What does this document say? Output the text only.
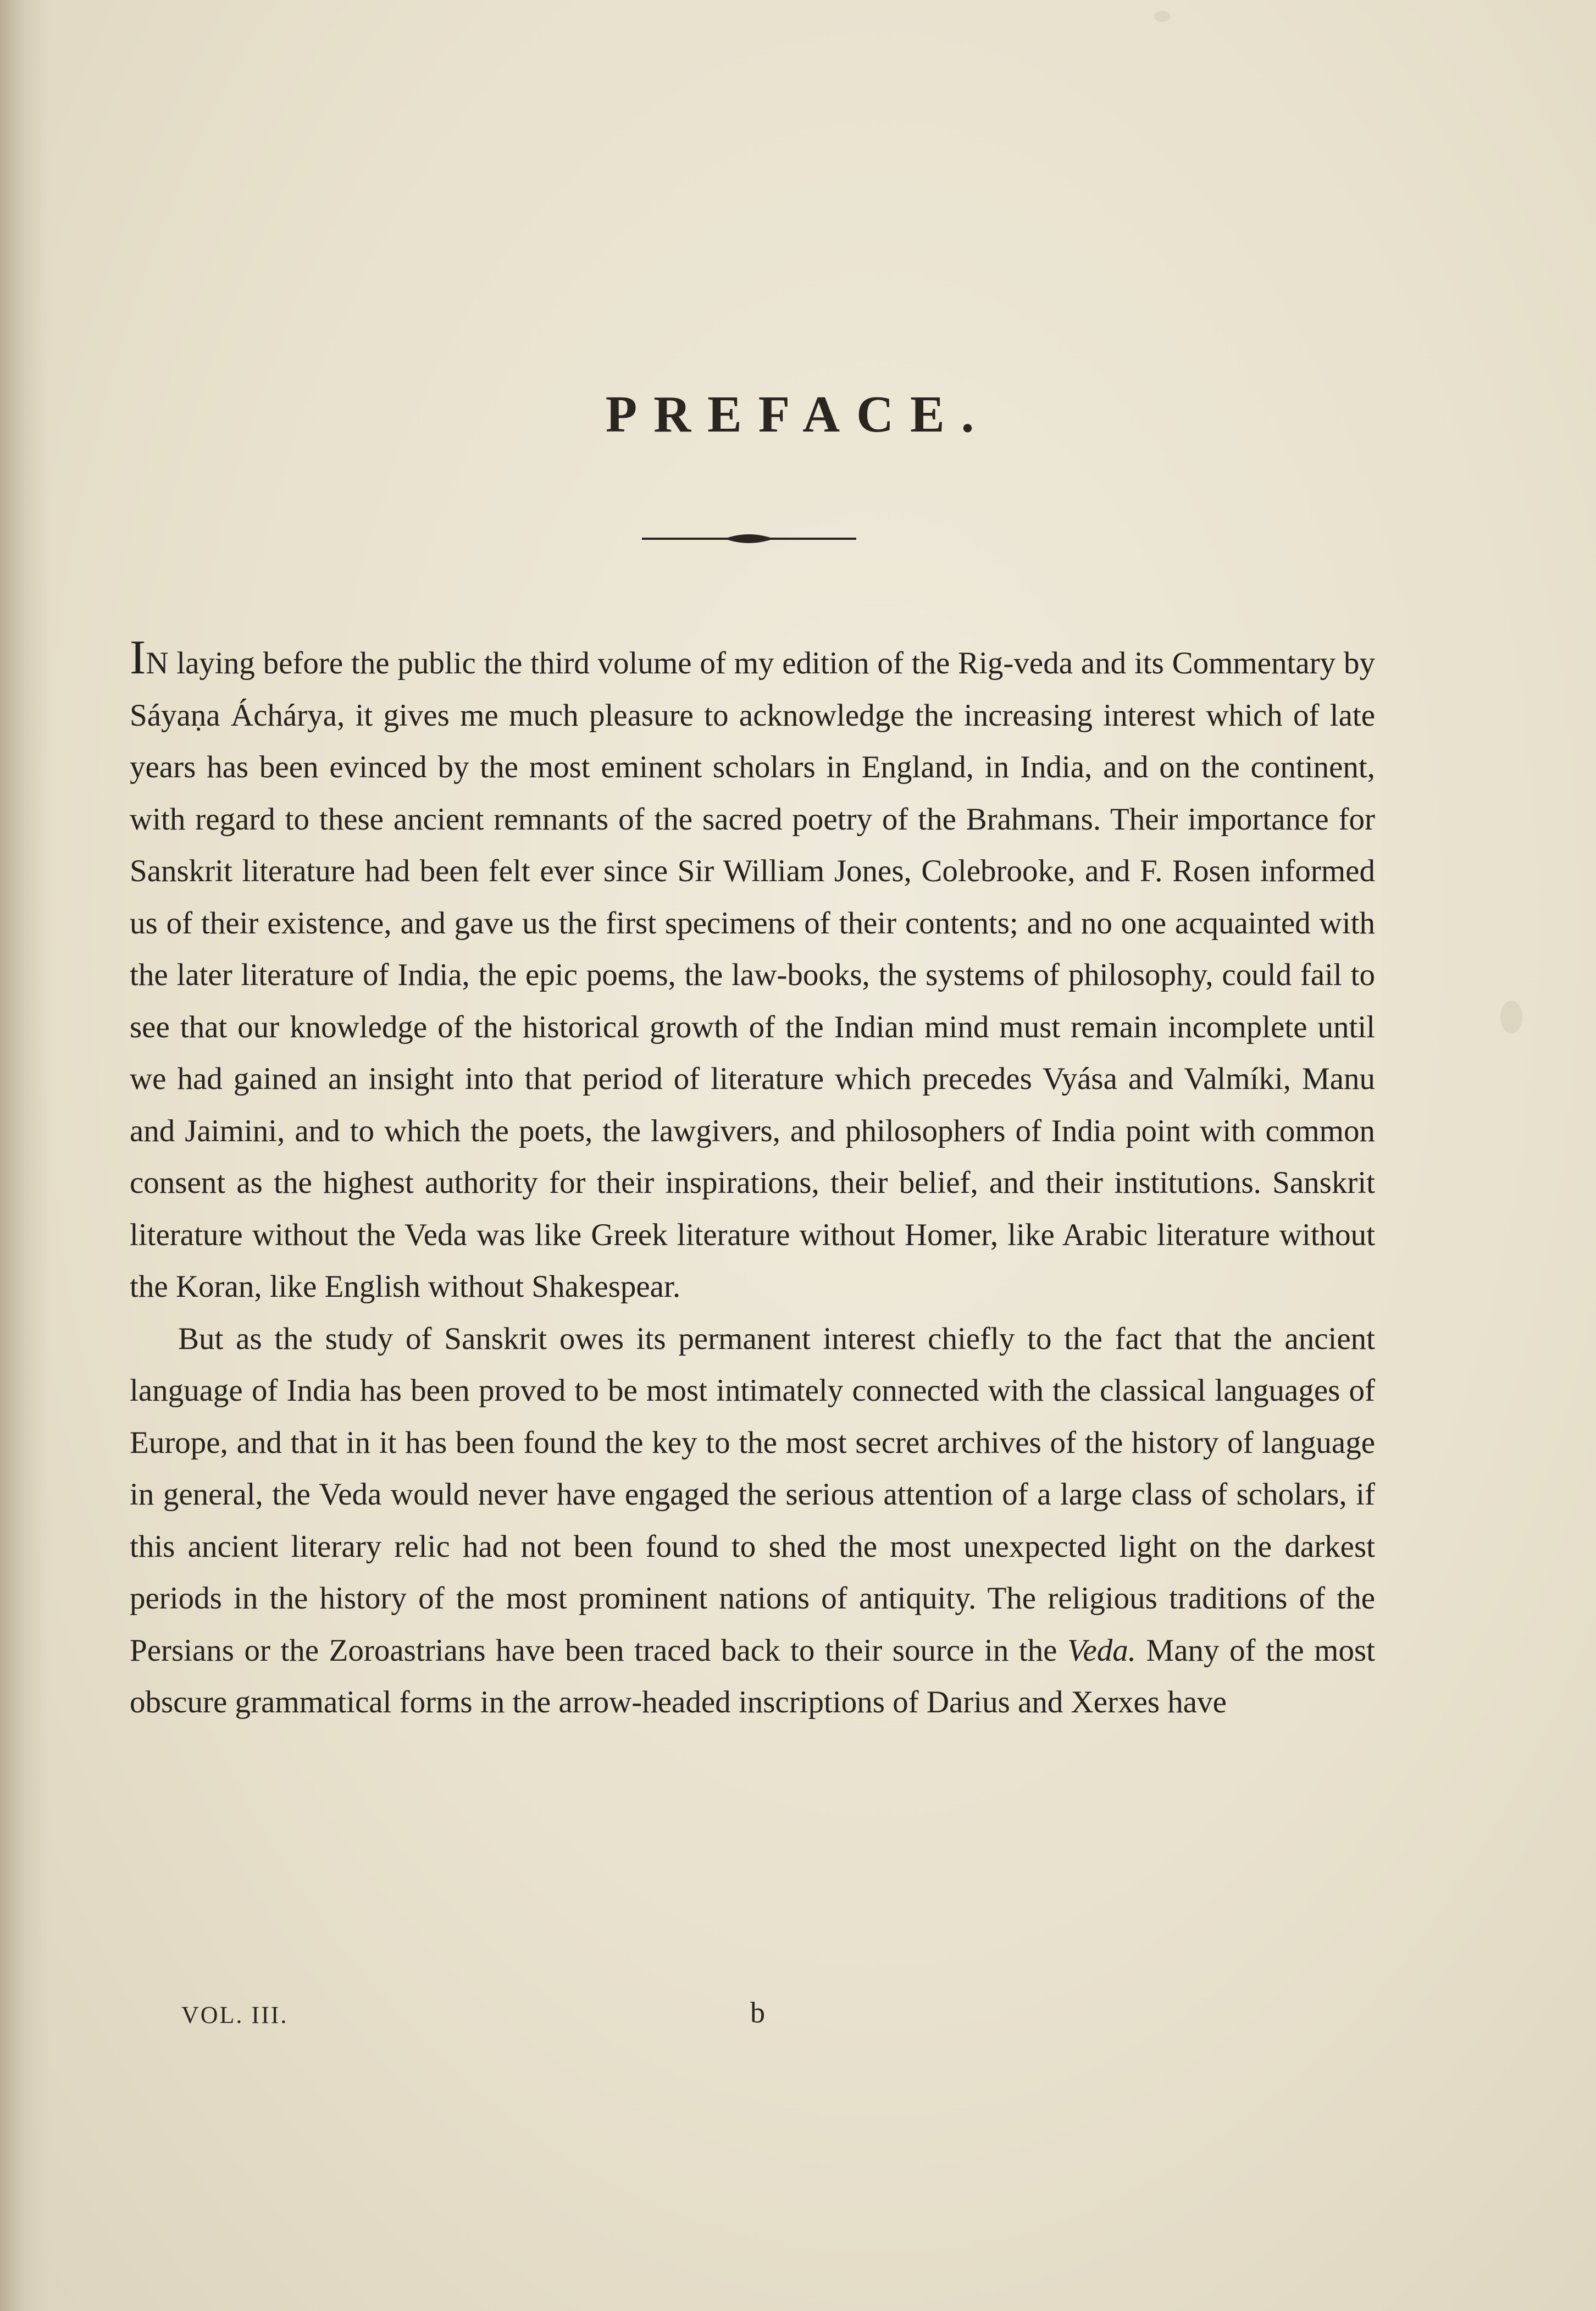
PREFACE.

IN laying before the public the third volume of my edition of the Rig-veda and its Commentary by Sáyaṇa Áchárya, it gives me much pleasure to acknowledge the increasing interest which of late years has been evinced by the most eminent scholars in England, in India, and on the continent, with regard to these ancient remnants of the sacred poetry of the Brahmans. Their importance for Sanskrit literature had been felt ever since Sir William Jones, Colebrooke, and F. Rosen informed us of their existence, and gave us the first specimens of their contents; and no one acquainted with the later literature of India, the epic poems, the law-books, the systems of philosophy, could fail to see that our knowledge of the historical growth of the Indian mind must remain incomplete until we had gained an insight into that period of literature which precedes Vyása and Valmíki, Manu and Jaimini, and to which the poets, the lawgivers, and philosophers of India point with common consent as the highest authority for their inspirations, their belief, and their institutions. Sanskrit literature without the Veda was like Greek literature without Homer, like Arabic literature without the Koran, like English without Shakespear.

But as the study of Sanskrit owes its permanent interest chiefly to the fact that the ancient language of India has been proved to be most intimately connected with the classical languages of Europe, and that in it has been found the key to the most secret archives of the history of language in general, the Veda would never have engaged the serious attention of a large class of scholars, if this ancient literary relic had not been found to shed the most unexpected light on the darkest periods in the history of the most prominent nations of antiquity. The religious traditions of the Persians or the Zoroastrians have been traced back to their source in the Veda. Many of the most obscure grammatical forms in the arrow-headed inscriptions of Darius and Xerxes have

VOL. III.	b
